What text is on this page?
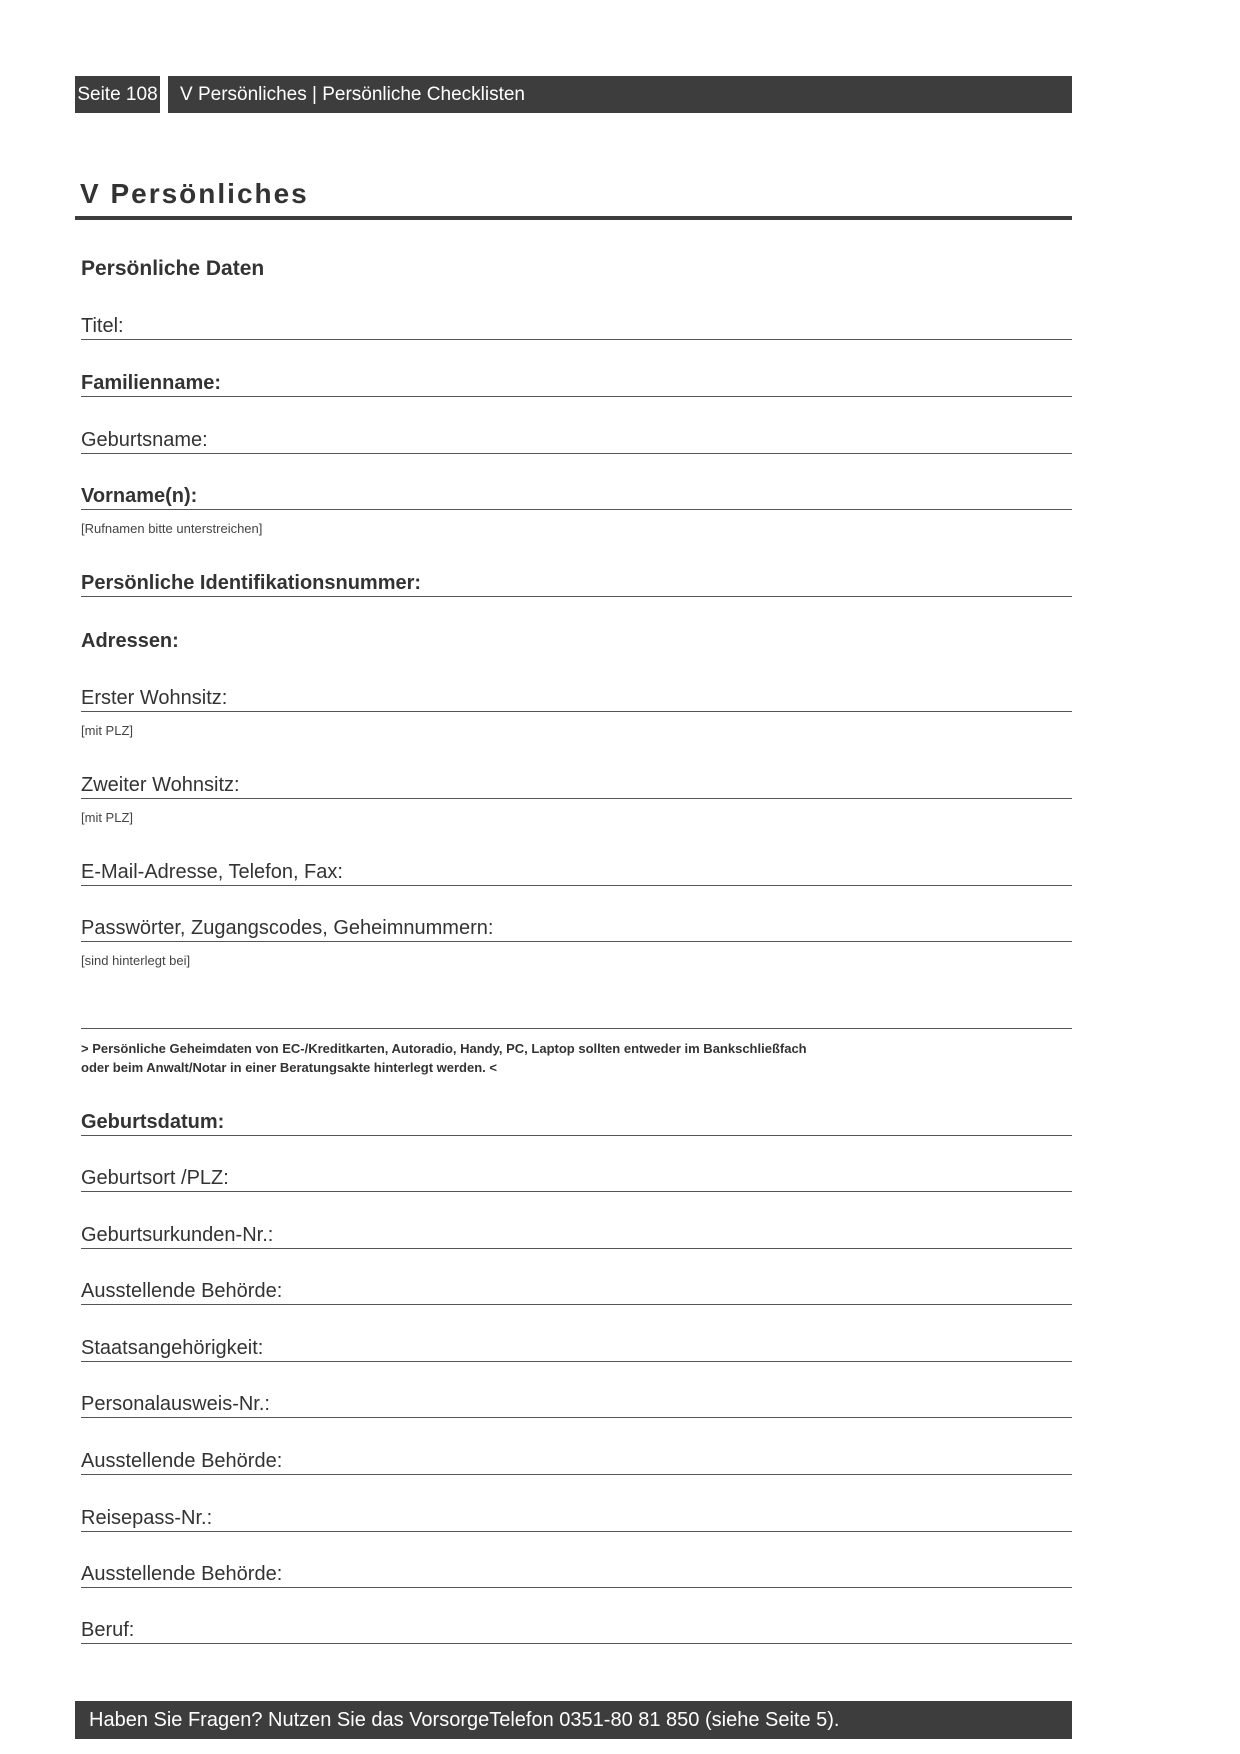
Seite 108	V Persönliches | Persönliche Checklisten
V Persönliches
Persönliche Daten
Titel:
Familienname:
Geburtsname:
Vorname(n):
[Rufnamen bitte unterstreichen]
Persönliche Identifikationsnummer:
Adressen:
Erster Wohnsitz:
[mit PLZ]
Zweiter Wohnsitz:
[mit PLZ]
E-Mail-Adresse, Telefon, Fax:
Passwörter, Zugangscodes, Geheimnummern:
[sind hinterlegt bei]
> Persönliche Geheimdaten von EC-/Kreditkarten, Autoradio, Handy, PC, Laptop sollten entweder im Bankschließfach
oder beim Anwalt/Notar in einer Beratungsakte hinterlegt werden. <
Geburtsdatum:
Geburtsort /PLZ:
Geburtsurkunden-Nr.:
Ausstellende Behörde:
Staatsangehörigkeit:
Personalausweis-Nr.:
Ausstellende Behörde:
Reisepass-Nr.:
Ausstellende Behörde:
Beruf:
Haben Sie Fragen? Nutzen Sie das VorsorgeTelefon 0351-80 81 850 (siehe Seite 5).
